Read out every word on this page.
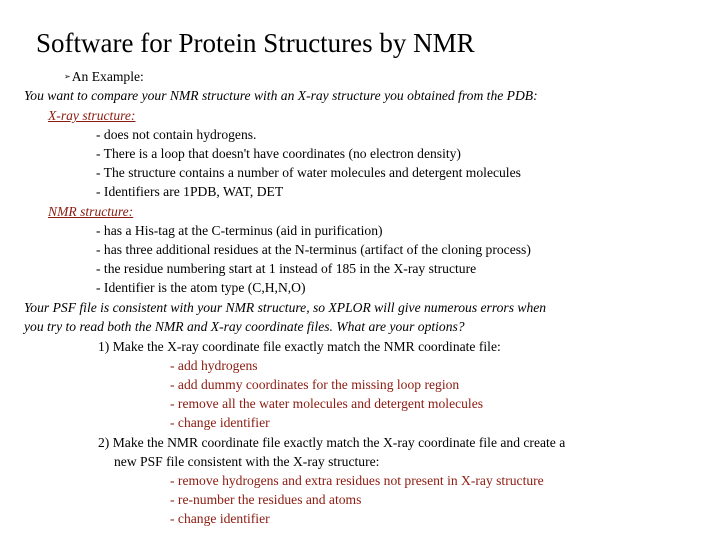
Software for Protein Structures by NMR
➢An Example:
You want to compare your NMR structure with an X-ray structure you obtained from the PDB:
X-ray structure:
- does not contain hydrogens.
- There is a loop that doesn't have coordinates (no electron density)
- The structure contains a number of water molecules and detergent molecules
- Identifiers are 1PDB, WAT, DET
NMR structure:
- has a His-tag at the C-terminus (aid in purification)
- has three additional residues at the N-terminus (artifact of the cloning process)
- the residue numbering start at 1 instead of 185 in the X-ray structure
- Identifier is the atom type (C,H,N,O)
Your PSF file is consistent with your NMR structure, so XPLOR will give numerous errors when
you try to read both the NMR and X-ray coordinate files. What are your options?
1) Make the X-ray coordinate file exactly match the NMR coordinate file:
- add hydrogens
- add dummy coordinates for the missing loop region
- remove all the water molecules and detergent molecules
- change identifier
2) Make the NMR coordinate file exactly match the X-ray coordinate file and create a
new PSF file consistent with the X-ray structure:
- remove hydrogens and extra residues not present in X-ray structure
- re-number the residues and atoms
- change identifier
